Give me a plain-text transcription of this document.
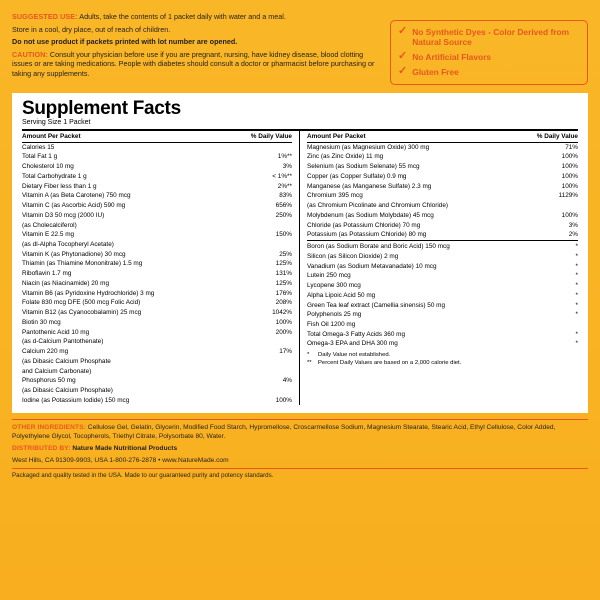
SUGGESTED USE: Adults, take the contents of 1 packet daily with water and a meal.

Store in a cool, dry place, out of reach of children.

Do not use product if packets printed with lot number are opened.

CAUTION: Consult your physician before use if you are pregnant, nursing, have kidney disease, blood clotting issues or are taking medications. People with diabetes should consult a doctor or pharmacist before purchasing or taking any supplements.

✓ No Synthetic Dyes - Color Derived from Natural Source
✓ No Artificial Flavors
✓ Gluten Free
Supplement Facts
Serving Size 1 Packet
Amount Per Packet	% Daily Value
Calories 15	
Total Fat 1 g	1%**
Cholesterol 10 mg	3%
Total Carbohydrate 1 g	< 1%**
Dietary Fiber less than 1 g	2%**
Vitamin A (as Beta Carotene) 750 mcg	83%
Vitamin C (as Ascorbic Acid) 590 mg	656%
Vitamin D3 50 mcg (2000 IU)	250%
(as Cholecalciferol)	
Vitamin E 22.5 mg	150%
(as dl-Alpha Tocopheryl Acetate)	
Vitamin K (as Phytonadione) 30 mcg	25%
Thiamin (as Thiamine Mononitrate) 1.5 mg	125%
Riboflavin 1.7 mg	131%
Niacin (as Niacinamide) 20 mg	125%
Vitamin B6 (as Pyridoxine Hydrochloride) 3 mg	176%
Folate 830 mcg DFE (500 mcg Folic Acid)	208%
Vitamin B12 (as Cyanocobalamin) 25 mcg	1042%
Biotin 30 mcg	100%
Pantothenic Acid 10 mg	200%
(as d-Calcium Pantothenate)	
Calcium 220 mg	17%
(as Dibasic Calcium Phosphate	
and Calcium Carbonate)	
Phosphorus 50 mg	4%
(as Dibasic Calcium Phosphate)	
Iodine (as Potassium Iodide) 150 mcg	100%
Amount Per Packet	% Daily Value
Magnesium (as Magnesium Oxide) 300 mg	71%
Zinc (as Zinc Oxide) 11 mg	100%
Selenium (as Sodium Selenate) 55 mcg	100%
Copper (as Copper Sulfate) 0.9 mg	100%
Manganese (as Manganese Sulfate) 2.3 mg	100%
Chromium 395 mcg	1129%
(as Chromium Picolinate and Chromium Chloride)	
Molybdenum (as Sodium Molybdate) 45 mcg	100%
Chloride (as Potassium Chloride) 70 mg	3%
Potassium (as Potassium Chloride) 80 mg	2%

Boron (as Sodium Borate and Boric Acid) 150 mcg	*
Silicon (as Silicon Dioxide) 2 mg	*
Vanadium (as Sodium Metavanadate) 10 mcg	*
Lutein 250 mcg	*
Lycopene 300 mcg	*
Alpha Lipoic Acid 50 mg	*
Green Tea leaf extract (Camellia sinensis) 50 mg	*
Polyphenols 25 mg	*
Fish Oil 1200 mg	
Total Omega-3 Fatty Acids 360 mg	*
Omega-3 EPA and DHA 300 mg	*
*	Daily Value not established.
**	Percent Daily Values are based on a 2,000 calorie diet.

OTHER INGREDIENTS: Cellulose Gel, Gelatin, Glycerin, Modified Food Starch, Hypromellose, Croscarmellose Sodium, Magnesium Stearate, Stearic Acid, Ethyl Cellulose, Color Added, Polyethylene Glycol, Tocopherols, Triethyl Citrate, Polysorbate 80, Water.

DISTRIBUTED BY: Nature Made Nutritional Products

West Hills, CA 91309-9903, USA 1-800-276-2878 • www.NatureMade.com

Packaged and quality tested in the USA. Made to our guaranteed purity and potency standards.
